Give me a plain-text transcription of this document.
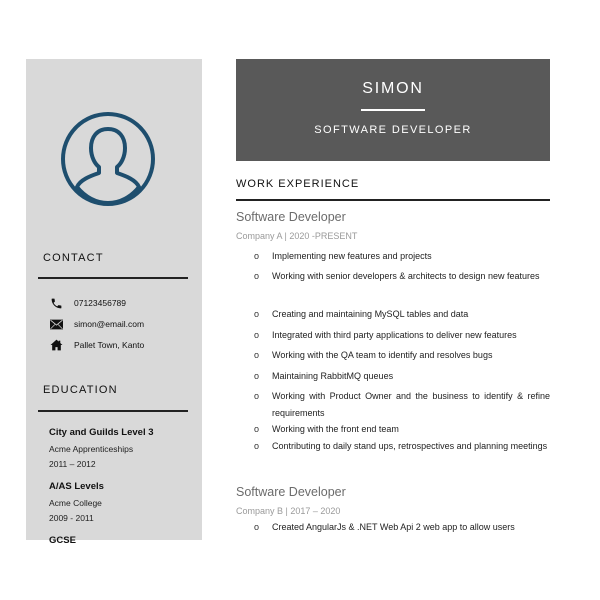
CONTACT
07123456789
simon@email.com
Pallet Town, Kanto
EDUCATION
City and Guilds Level 3
Acme Apprenticeships
2011 – 2012
A/AS Levels
Acme College
2009 - 2011
GCSE
SIMON
SOFTWARE DEVELOPER
WORK EXPERIENCE
Software Developer
Company A | 2020 -PRESENT
o	Implementing new features and projects
o	Working with senior developers & architects to design new features
o	Creating and maintaining MySQL tables and data
o	Integrated with third party applications to deliver new features
o	Working with the QA team to identify and resolves bugs
o	Maintaining RabbitMQ queues
o	Working with Product Owner and the business to identify & refine requirements
o	Working with the front end team
o	Contributing to daily stand ups, retrospectives and planning meetings
Software Developer
Company B | 2017 – 2020
o	Created AngularJs & .NET Web Api 2 web app to allow users
